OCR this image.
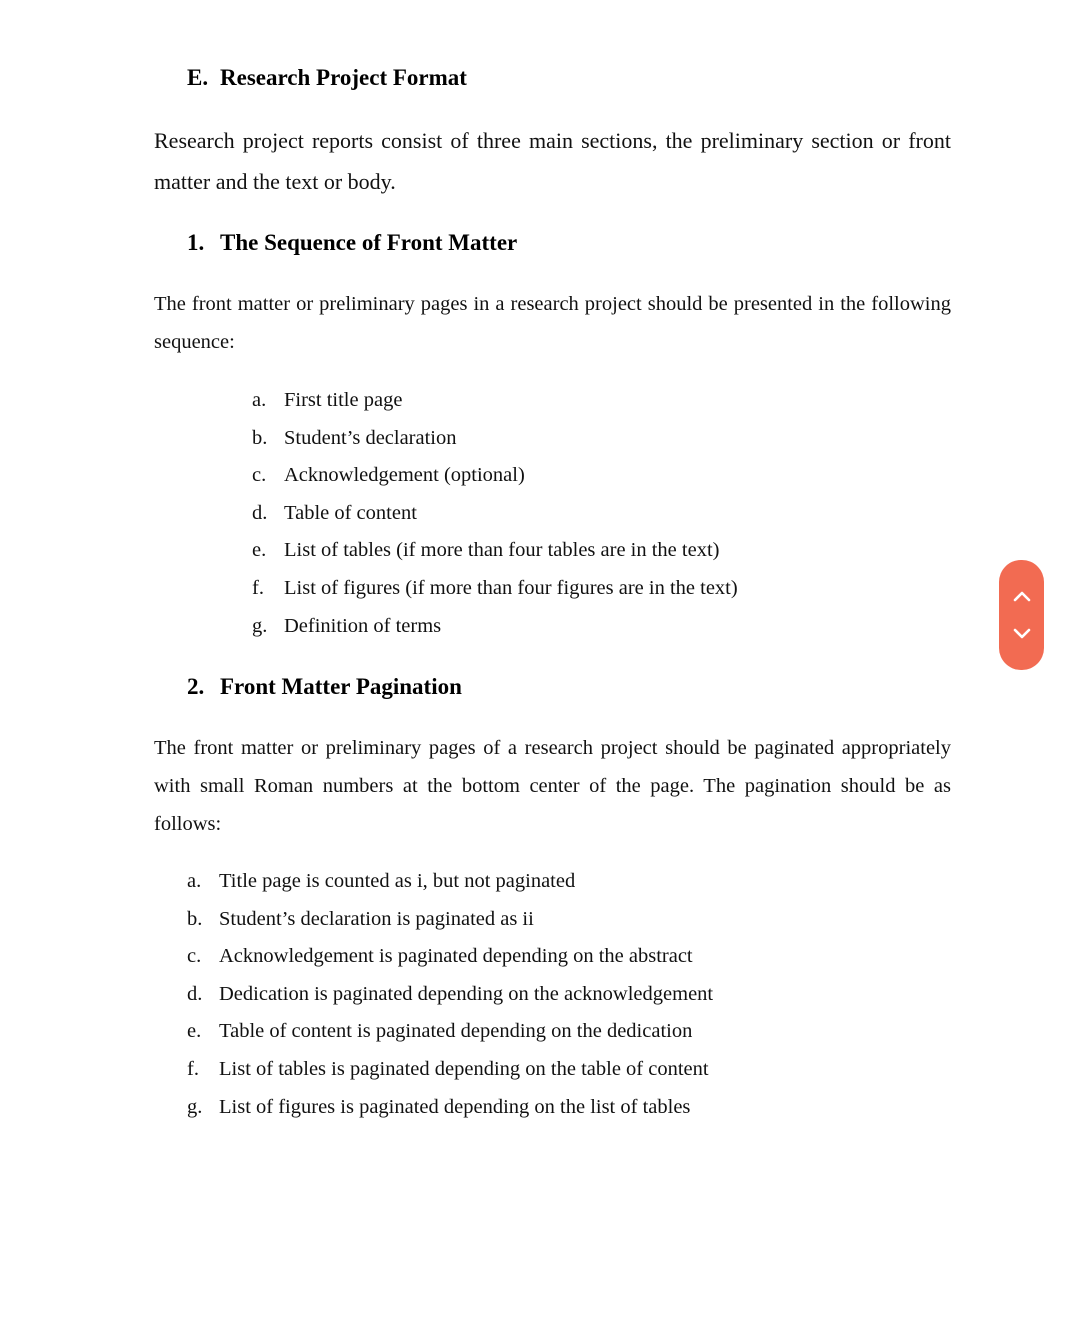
E. Research Project Format

Research project reports consist of three main sections, the preliminary section or front matter and the text or body.

1. The Sequence of Front Matter

The front matter or preliminary pages in a research project should be presented in the following sequence:

a. First title page
b. Student’s declaration
c. Acknowledgement (optional)
d. Table of content
e. List of tables (if more than four tables are in the text)
f. List of figures (if more than four figures are in the text)
g. Definition of terms
2. Front Matter Pagination

The front matter or preliminary pages of a research project should be paginated appropriately with small Roman numbers at the bottom center of the page. The pagination should be as follows:

a. Title page is counted as i, but not paginated
b. Student’s declaration is paginated as ii
c. Acknowledgement is paginated depending on the abstract
d. Dedication is paginated depending on the acknowledgement
e. Table of content is paginated depending on the dedication
f. List of tables is paginated depending on the table of content
g. List of figures is paginated depending on the list of tables
